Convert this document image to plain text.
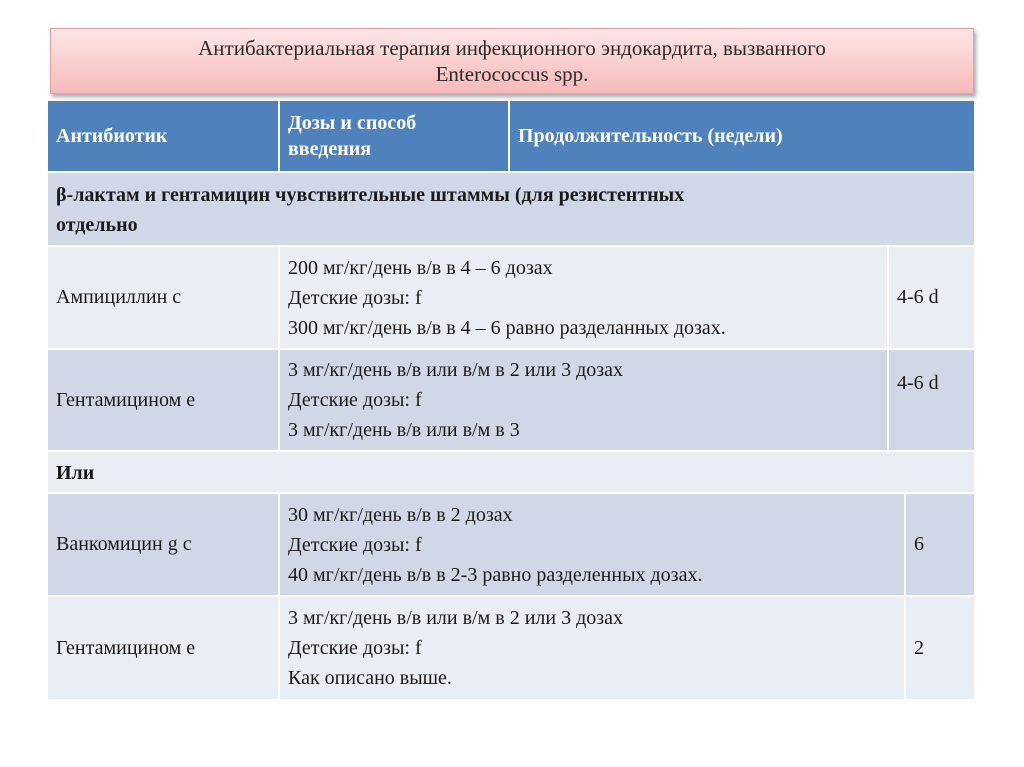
Антибактериальная терапия инфекционного эндокардита, вызванного
Enterococcus spp.
Антибиотик
Дозы и способ
введения
Продолжительность (недели)
β-лактам и гентамицин чувствительные штаммы (для резистентных
отдельно
Ампициллин c
200 мг/кг/день в/в в 4 – 6 дозах
Детские дозы: f
300 мг/кг/день в/в в 4 – 6 равно разделанных дозах.
4-6 d
Гентамицином e
3 мг/кг/день в/в или в/м в 2 или 3 дозах
Детские дозы: f
3 мг/кг/день в/в или в/м в 3
4-6 d
Или
Ванкомицин g c
30 мг/кг/день в/в в 2 дозах
Детские дозы: f
40 мг/кг/день в/в в 2-3 равно разделенных дозах.
6
Гентамицином e
3 мг/кг/день в/в или в/м в 2 или 3 дозах
Детские дозы: f
Как описано выше.
2
